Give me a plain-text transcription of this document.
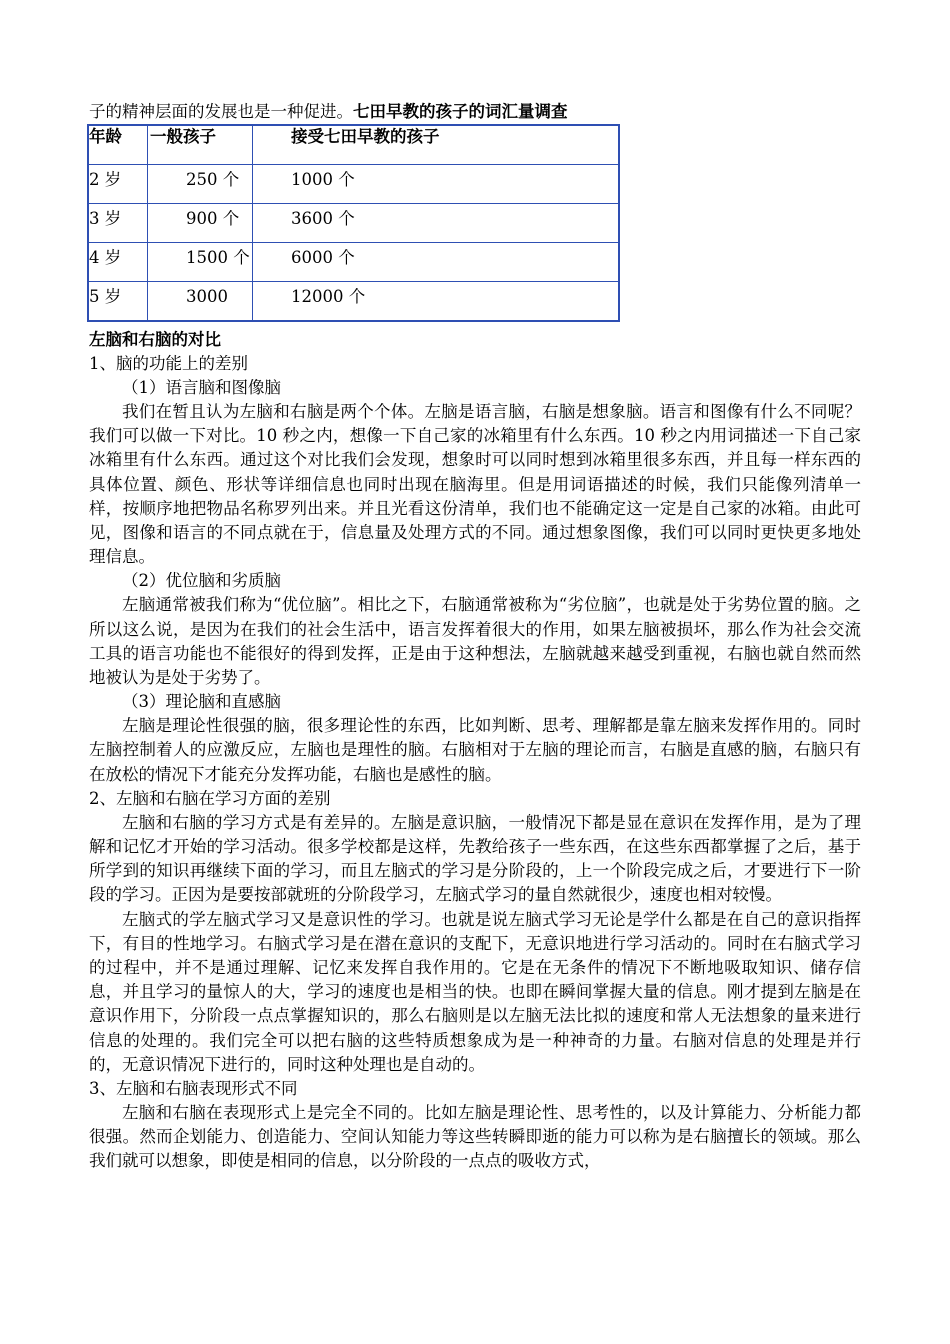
子的精神层面的发展也是一种促进。七田早教的孩子的词汇量调查
年龄	一般孩子	接受七田早教的孩子
2 岁	250 个	1000 个
3 岁	900 个	3600 个
4 岁	1500 个	6000 个
5 岁	3000	12000 个
左脑和右脑的对比
1、脑的功能上的差别
（1）语言脑和图像脑

我们在暂且认为左脑和右脑是两个个体。左脑是语言脑，右脑是想象脑。语言和图像有什么不同呢？我们可以做一下对比。10 秒之内，想像一下自己家的冰箱里有什么东西。10 秒之内用词描述一下自己家冰箱里有什么东西。通过这个对比我们会发现，想象时可以同时想到冰箱里很多东西，并且每一样东西的具体位置、颜色、形状等详细信息也同时出现在脑海里。但是用词语描述的时候，我们只能像列清单一样，按顺序地把物品名称罗列出来。并且光看这份清单，我们也不能确定这一定是自己家的冰箱。由此可见，图像和语言的不同点就在于，信息量及处理方式的不同。通过想象图像，我们可以同时更快更多地处理信息。

（2）优位脑和劣质脑

左脑通常被我们称为“优位脑”。相比之下，右脑通常被称为“劣位脑”，也就是处于劣势位置的脑。之所以这么说，是因为在我们的社会生活中，语言发挥着很大的作用，如果左脑被损坏，那么作为社会交流工具的语言功能也不能很好的得到发挥，正是由于这种想法，左脑就越来越受到重视，右脑也就自然而然地被认为是处于劣势了。

（3）理论脑和直感脑

左脑是理论性很强的脑，很多理论性的东西，比如判断、思考、理解都是靠左脑来发挥作用的。同时左脑控制着人的应激反应，左脑也是理性的脑。右脑相对于左脑的理论而言，右脑是直感的脑，右脑只有在放松的情况下才能充分发挥功能，右脑也是感性的脑。

2、左脑和右脑在学习方面的差别

左脑和右脑的学习方式是有差异的。左脑是意识脑，一般情况下都是显在意识在发挥作用，是为了理解和记忆才开始的学习活动。很多学校都是这样，先教给孩子一些东西，在这些东西都掌握了之后，基于所学到的知识再继续下面的学习，而且左脑式的学习是分阶段的，上一个阶段完成之后，才要进行下一阶段的学习。正因为是要按部就班的分阶段学习，左脑式学习的量自然就很少，速度也相对较慢。

左脑式的学左脑式学习又是意识性的学习。也就是说左脑式学习无论是学什么都是在自己的意识指挥下，有目的性地学习。右脑式学习是在潜在意识的支配下，无意识地进行学习活动的。同时在右脑式学习的过程中，并不是通过理解、记忆来发挥自我作用的。它是在无条件的情况下不断地吸取知识、储存信息，并且学习的量惊人的大，学习的速度也是相当的快。也即在瞬间掌握大量的信息。刚才提到左脑是在意识作用下，分阶段一点点掌握知识的，那么右脑则是以左脑无法比拟的速度和常人无法想象的量来进行信息的处理的。我们完全可以把右脑的这些特质想象成为是一种神奇的力量。右脑对信息的处理是并行的，无意识情况下进行的，同时这种处理也是自动的。

3、左脑和右脑表现形式不同

左脑和右脑在表现形式上是完全不同的。比如左脑是理论性、思考性的，以及计算能力、分析能力都很强。然而企划能力、创造能力、空间认知能力等这些转瞬即逝的能力可以称为是右脑擅长的领域。那么我们就可以想象，即使是相同的信息，以分阶段的一点点的吸收方式，
